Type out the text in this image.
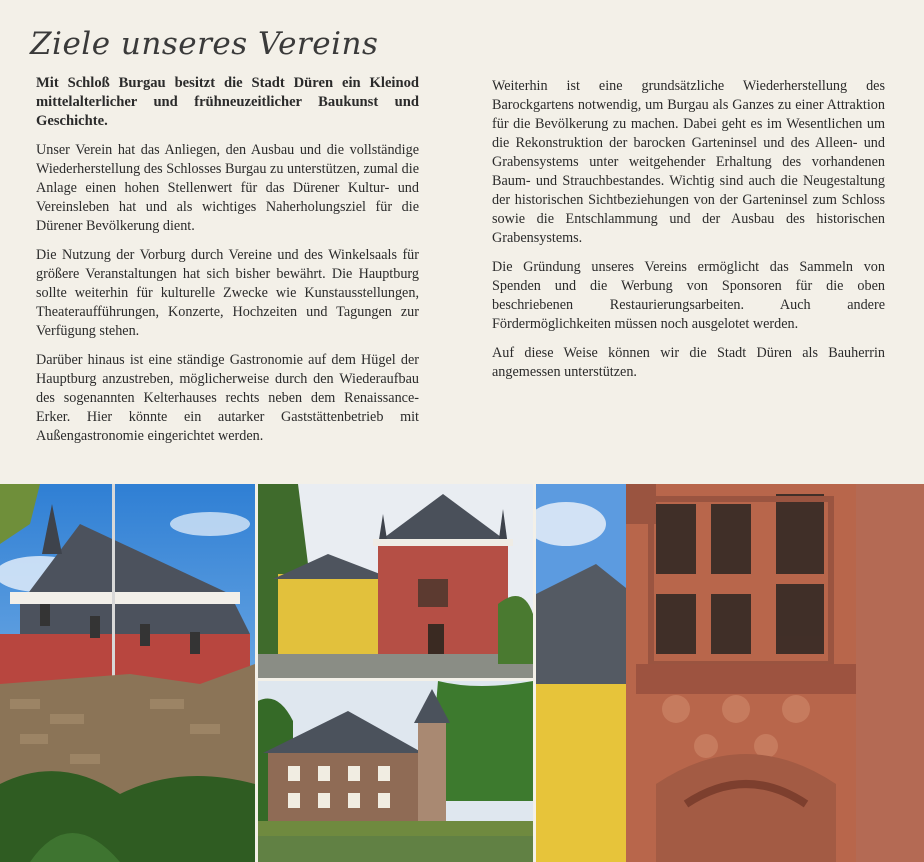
Ziele unseres Vereins

Mit Schloß Burgau besitzt die Stadt Düren ein Kleinod mittelalterlicher und frühneuzeitlicher Baukunst und Geschichte.

Unser Verein hat das Anliegen, den Ausbau und die vollständige Wiederherstellung des Schlosses Burgau zu unterstützen, zumal die Anlage einen hohen Stellenwert für das Dürener Kultur- und Vereinsleben hat und als wichtiges Naherholungsziel für die Dürener Bevölkerung dient.

Die Nutzung der Vorburg durch Vereine und des Winkelsaals für größere Veranstaltungen hat sich bisher bewährt. Die Hauptburg sollte weiterhin für kulturelle Zwecke wie Kunstausstellungen, Theateraufführungen, Konzerte, Hochzeiten und Tagungen zur Verfügung stehen.

Darüber hinaus ist eine ständige Gastronomie auf dem Hügel der Hauptburg anzustreben, möglicherweise durch den Wiederaufbau des sogenannten Kelterhauses rechts neben dem Renaissance-Erker. Hier könnte ein autarker Gaststättenbetrieb mit Außengastronomie eingerichtet werden.

Weiterhin ist eine grundsätzliche Wiederherstellung des Barockgartens notwendig, um Burgau als Ganzes zu einer Attraktion für die Bevölkerung zu machen. Dabei geht es im Wesentlichen um die Rekonstruktion der barocken Garteninsel und des Alleen- und Grabensystems unter weitgehender Erhaltung des vorhandenen Baum- und Strauchbestandes. Wichtig sind auch die Neugestaltung der historischen Sichtbeziehungen von der Garteninsel zum Schloss sowie die Entschlammung und der Ausbau des historischen Grabensystems.

Die Gründung unseres Vereins ermöglicht das Sammeln von Spenden und die Werbung von Sponsoren für die oben beschriebenen Restaurierungsarbeiten. Auch andere Fördermöglichkeiten müssen noch ausgelotet werden.

Auf diese Weise können wir die Stadt Düren als Bauherrin angemessen unterstützen.
